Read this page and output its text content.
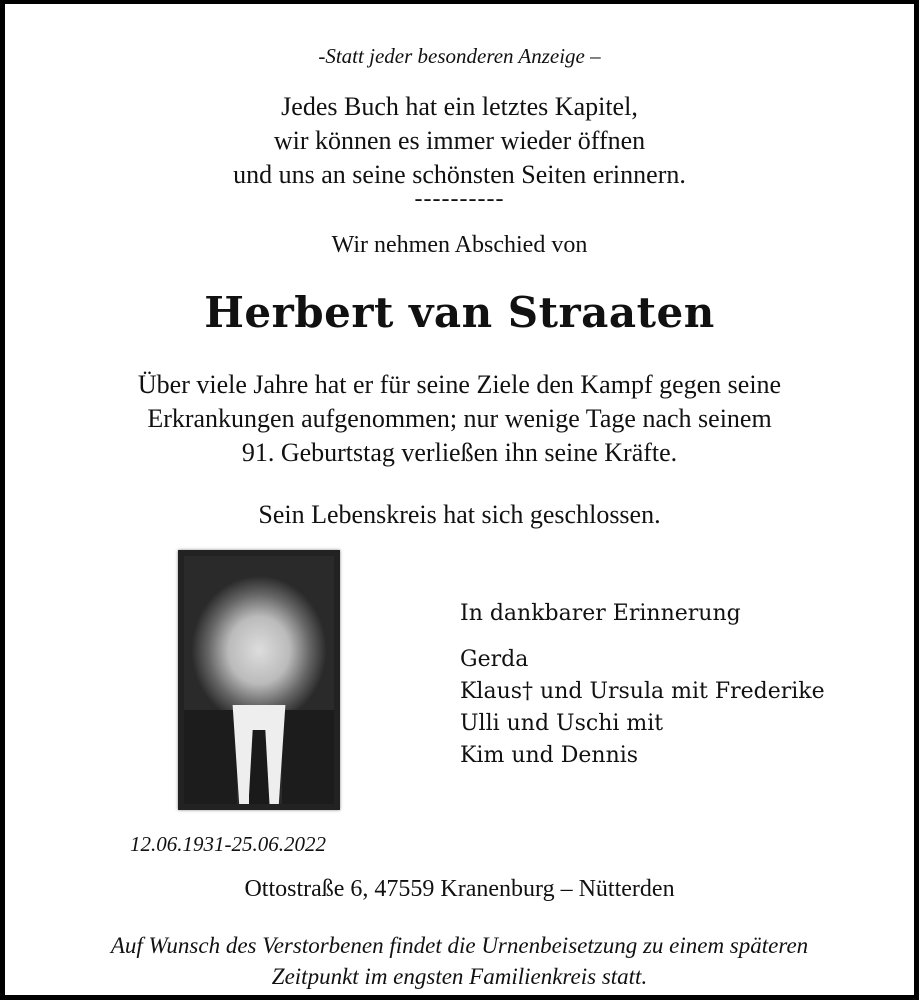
-Statt jeder besonderen Anzeige –
Jedes Buch hat ein letztes Kapitel,
wir können es immer wieder öffnen
und uns an seine schönsten Seiten erinnern.
----------
Wir nehmen Abschied von
Herbert van Straaten
Über viele Jahre hat er für seine Ziele den Kampf gegen seine
Erkrankungen aufgenommen; nur wenige Tage nach seinem
91. Geburtstag verließen ihn seine Kräfte.
Sein Lebenskreis hat sich geschlossen.
In dankbarer Erinnerung
Gerda
Klaus† und Ursula mit Frederike
Ulli und Uschi mit
Kim und Dennis
12.06.1931-25.06.2022
Ottostraße 6, 47559 Kranenburg – Nütterden
Auf Wunsch des Verstorbenen findet die Urnenbeisetzung zu einem späteren
Zeitpunkt im engsten Familienkreis statt.
